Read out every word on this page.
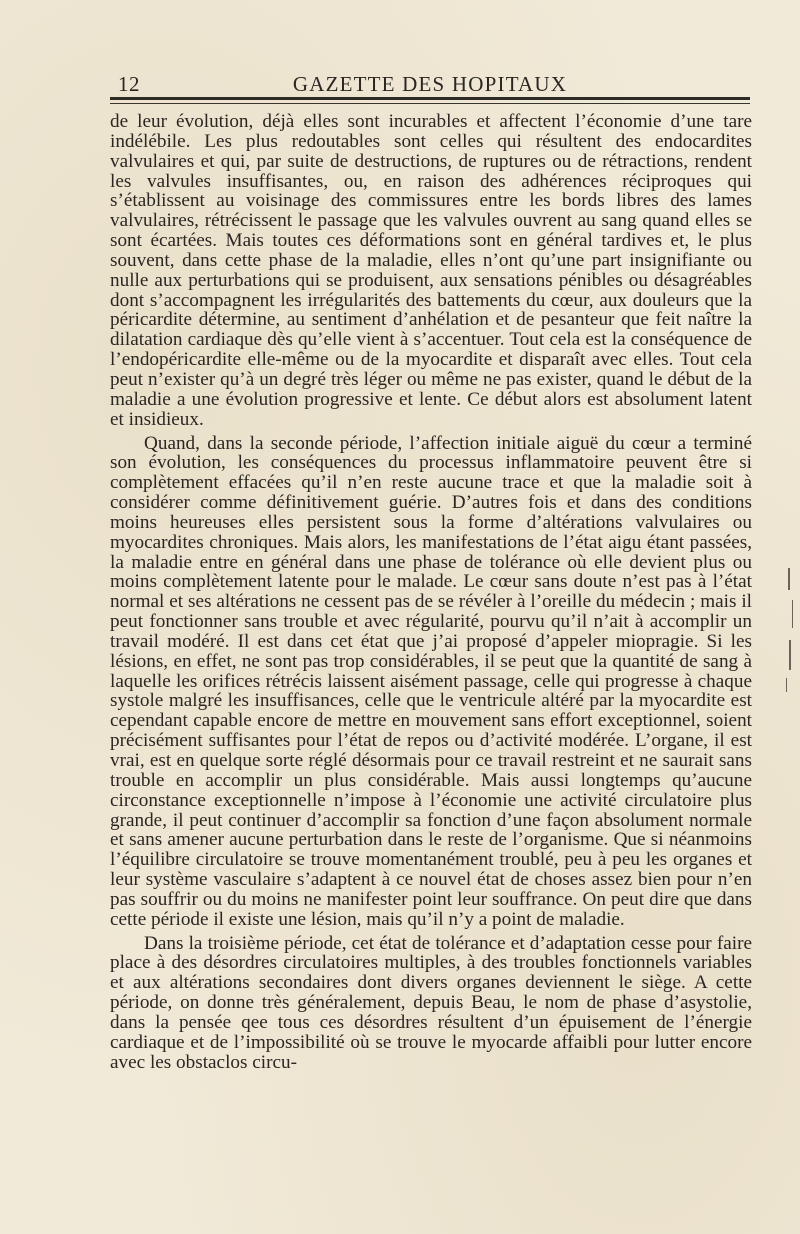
12	GAZETTE DES HOPITAUX

de leur évolution, déjà elles sont incurables et affectent l’économie d’une tare indélébile. Les plus redoutables sont celles qui résultent des endocardites valvulaires et qui, par suite de destructions, de ruptures ou de rétractions, rendent les valvules insuffisantes, ou, en raison des adhérences réciproques qui s’établissent au voisinage des commissures entre les bords libres des lames valvulaires, rétrécissent le passage que les valvules ouvrent au sang quand elles se sont écartées. Mais toutes ces déformations sont en général tardives et, le plus souvent, dans cette phase de la maladie, elles n’ont qu’une part insignifiante ou nulle aux perturbations qui se produisent, aux sensations pénibles ou désagréables dont s’accompagnent les irrégularités des battements du cœur, aux douleurs que la péricardite détermine, au sentiment d’anhélation et de pesanteur que feit naître la dilatation cardiaque dès qu’elle vient à s’accentuer. Tout cela est la conséquence de l’endopéricardite elle-même ou de la myocardite et disparaît avec elles. Tout cela peut n’exister qu’à un degré très léger ou même ne pas exister, quand le début de la maladie a une évolution progressive et lente. Ce début alors est absolument latent et insidieux.

Quand, dans la seconde période, l’affection initiale aiguë du cœur a terminé son évolution, les conséquences du processus inflammatoire peuvent être si complètement effacées qu’il n’en reste aucune trace et que la maladie soit à considérer comme définitivement guérie. D’autres fois et dans des conditions moins heureuses elles persistent sous la forme d’altérations valvulaires ou myocardites chroniques. Mais alors, les manifestations de l’état aigu étant passées, la maladie entre en général dans une phase de tolérance où elle devient plus ou moins complètement latente pour le malade. Le cœur sans doute n’est pas à l’état normal et ses altérations ne cessent pas de se révéler à l’oreille du médecin ; mais il peut fonctionner sans trouble et avec régularité, pourvu qu’il n’ait à accomplir un travail modéré. Il est dans cet état que j’ai proposé d’appeler miopragie. Si les lésions, en effet, ne sont pas trop considérables, il se peut que la quantité de sang à laquelle les orifices rétrécis laissent aisément passage, celle qui progresse à chaque systole malgré les insuffisances, celle que le ventricule altéré par la myocardite est cependant capable encore de mettre en mouvement sans effort exceptionnel, soient précisément suffisantes pour l’état de repos ou d’activité modérée. L’organe, il est vrai, est en quelque sorte réglé désormais pour ce travail restreint et ne saurait sans trouble en accomplir un plus considérable. Mais aussi longtemps qu’aucune circonstance exceptionnelle n’impose à l’économie une activité circulatoire plus grande, il peut continuer d’accomplir sa fonction d’une façon absolument normale et sans amener aucune perturbation dans le reste de l’organisme. Que si néanmoins l’équilibre circulatoire se trouve momentanément troublé, peu à peu les organes et leur système vasculaire s’adaptent à ce nouvel état de choses assez bien pour n’en pas souffrir ou du moins ne manifester point leur souffrance. On peut dire que dans cette période il existe une lésion, mais qu’il n’y a point de maladie.

Dans la troisième période, cet état de tolérance et d’adaptation cesse pour faire place à des désordres circulatoires multiples, à des troubles fonctionnels variables et aux altérations secondaires dont divers organes deviennent le siège. A cette période, on donne très généralement, depuis Beau, le nom de phase d’asystolie, dans la pensée qee tous ces désordres résultent d’un épuisement de l’énergie cardiaque et de l’impossibilité où se trouve le myocarde affaibli pour lutter encore avec les obstaclos circu-
